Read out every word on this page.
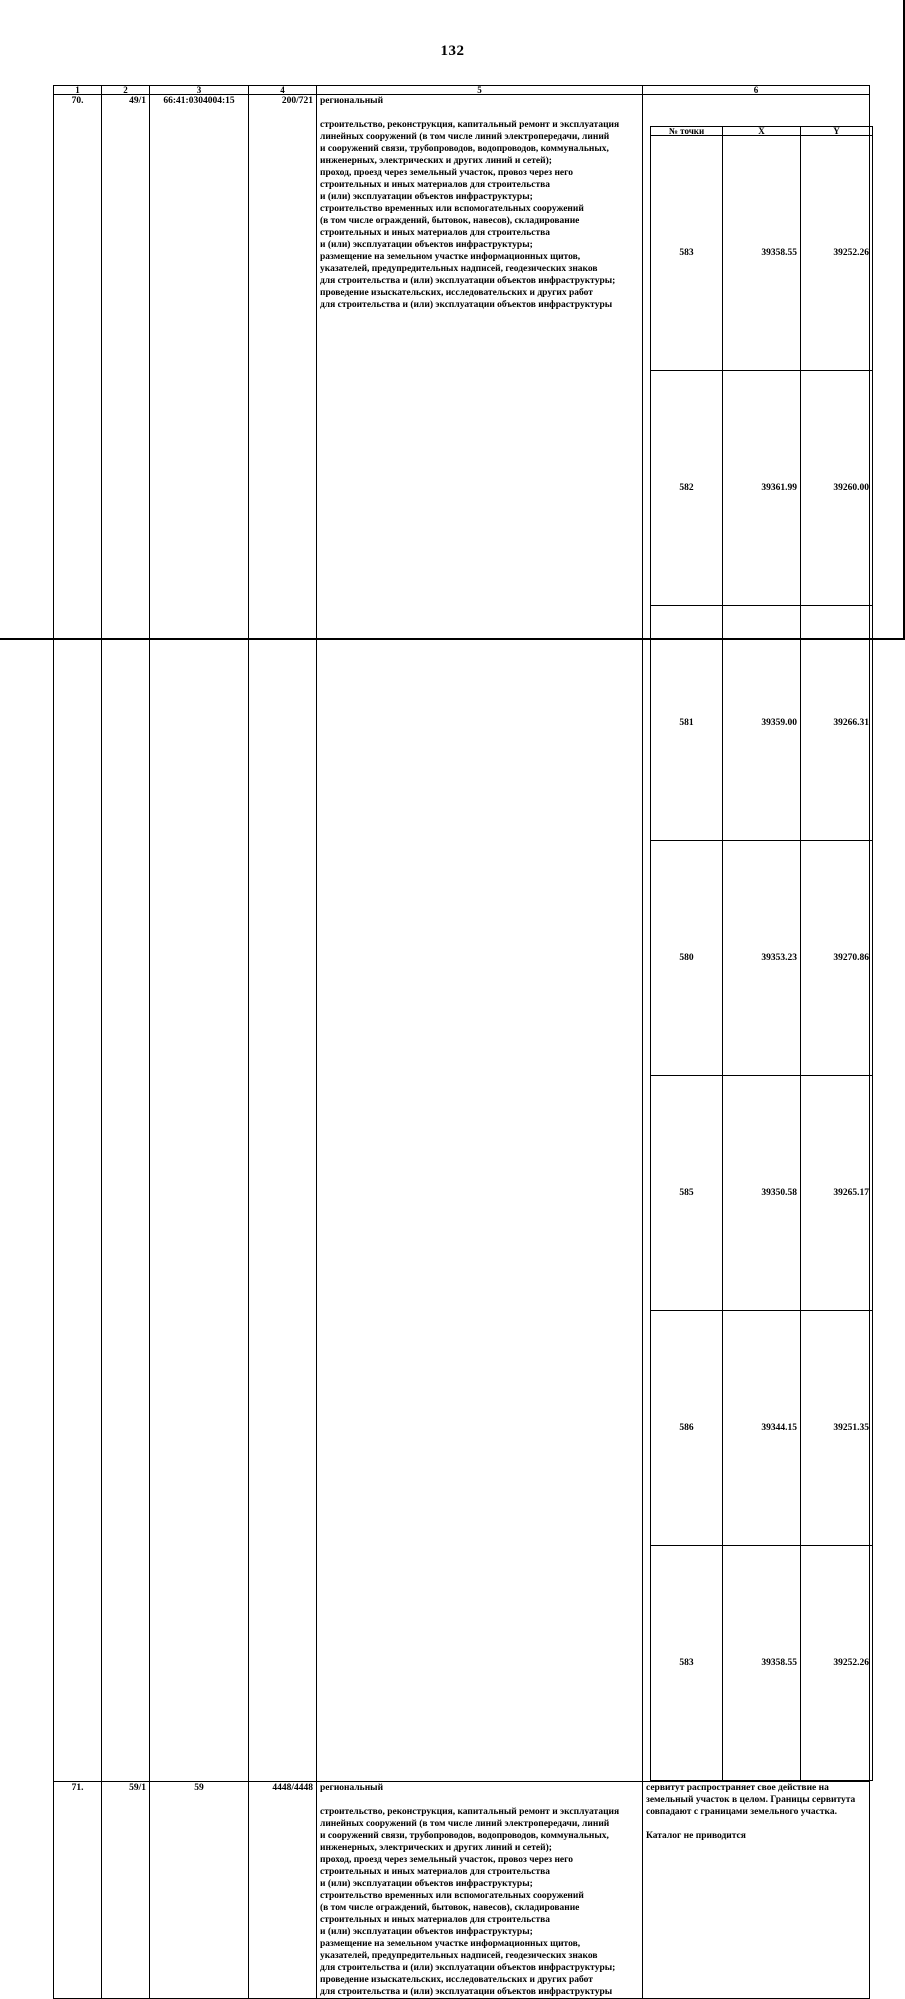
132
1	2	3	4	5	6
70.	49/1	66:41:0304004:15	200/721	региональный
строительство, реконструкция, капитальный ремонт и эксплуатация
линейных сооружений (в том числе линий электропередачи, линий
и сооружений связи, трубопроводов, водопроводов, коммунальных,
инженерных, электрических и других линий и сетей);
проход, проезд через земельный участок, провоз через него
строительных и иных материалов для строительства
и (или) эксплуатации объектов инфраструктуры;
строительство временных или вспомогательных сооружений
(в том числе ограждений, бытовок, навесов), складирование
строительных и иных материалов для строительства
и (или) эксплуатации объектов инфраструктуры;
размещение на земельном участке информационных щитов,
указателей, предупредительных надписей, геодезических знаков
для строительства и (или) эксплуатации объектов инфраструктуры;
проведение изыскательских, исследовательских и других работ
для строительства и (или) эксплуатации объектов инфраструктуры

№ точки	X	Y
583	39358.55	39252.26
582	39361.99	39260.00
581	39359.00	39266.31
580	39353.23	39270.86
585	39350.58	39265.17
586	39344.15	39251.35
583	39358.55	39252.26

71.	59/1	59	4448/4448	региональный
строительство, реконструкция, капитальный ремонт и эксплуатация
линейных сооружений (в том числе линий электропередачи, линий
и сооружений связи, трубопроводов, водопроводов, коммунальных,
инженерных, электрических и других линий и сетей);
проход, проезд через земельный участок, провоз через него
строительных и иных материалов для строительства
и (или) эксплуатации объектов инфраструктуры;
строительство временных или вспомогательных сооружений
(в том числе ограждений, бытовок, навесов), складирование
строительных и иных материалов для строительства
и (или) эксплуатации объектов инфраструктуры;
размещение на земельном участке информационных щитов,
указателей, предупредительных надписей, геодезических знаков
для строительства и (или) эксплуатации объектов инфраструктуры;
проведение изыскательских, исследовательских и других работ
для строительства и (или) эксплуатации объектов инфраструктуры

сервитут распространяет свое действие на
земельный участок в целом. Границы сервитута
совпадают с границами земельного участка.
Каталог не приводится
